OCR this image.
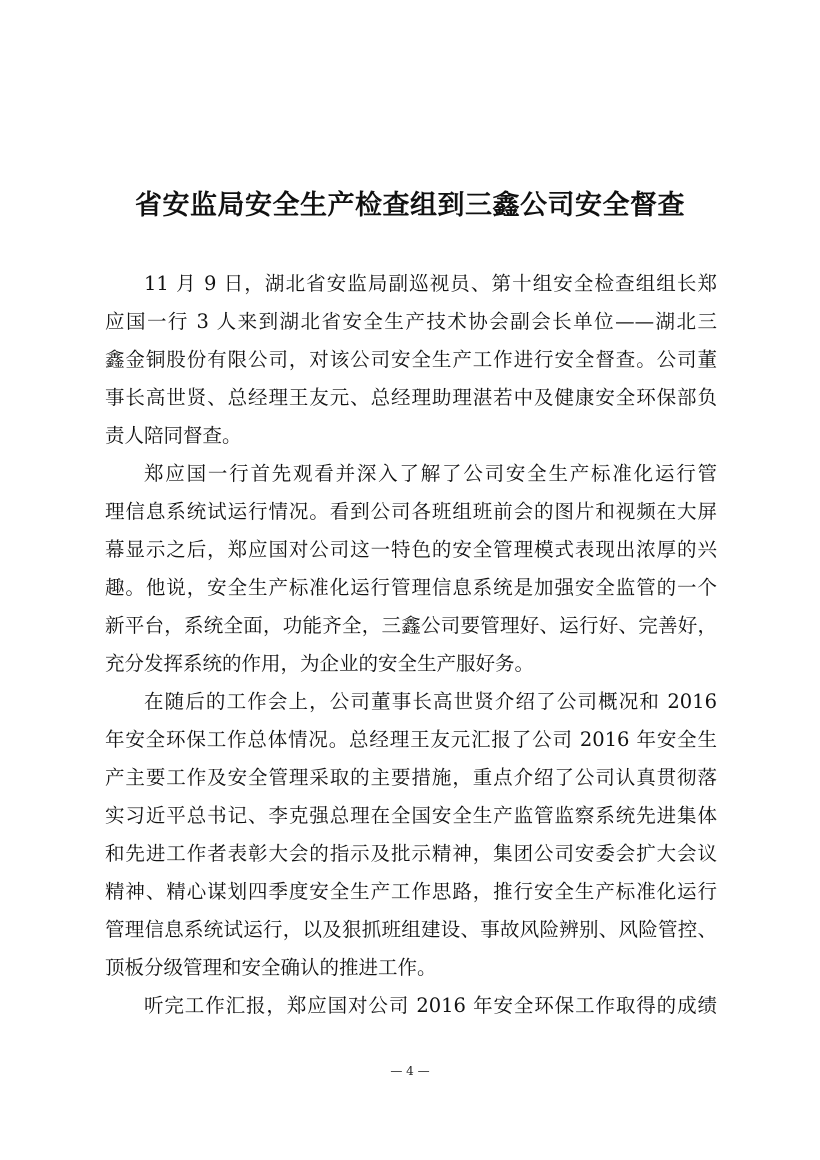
省安监局安全生产检查组到三鑫公司安全督查
11 月 9 日，湖北省安监局副巡视员、第十组安全检查组组长郑
应国一行 3 人来到湖北省安全生产技术协会副会长单位——湖北三
鑫金铜股份有限公司，对该公司安全生产工作进行安全督查。公司董
事长高世贤、总经理王友元、总经理助理湛若中及健康安全环保部负
责人陪同督查。
郑应国一行首先观看并深入了解了公司安全生产标准化运行管
理信息系统试运行情况。看到公司各班组班前会的图片和视频在大屏
幕显示之后，郑应国对公司这一特色的安全管理模式表现出浓厚的兴
趣。他说，安全生产标准化运行管理信息系统是加强安全监管的一个
新平台，系统全面，功能齐全，三鑫公司要管理好、运行好、完善好，
充分发挥系统的作用，为企业的安全生产服好务。
在随后的工作会上，公司董事长高世贤介绍了公司概况和 2016
年安全环保工作总体情况。总经理王友元汇报了公司 2016 年安全生
产主要工作及安全管理采取的主要措施，重点介绍了公司认真贯彻落
实习近平总书记、李克强总理在全国安全生产监管监察系统先进集体
和先进工作者表彰大会的指示及批示精神，集团公司安委会扩大会议
精神、精心谋划四季度安全生产工作思路，推行安全生产标准化运行
管理信息系统试运行，以及狠抓班组建设、事故风险辨别、风险管控、
顶板分级管理和安全确认的推进工作。
听完工作汇报，郑应国对公司 2016 年安全环保工作取得的成绩
— 4 —
